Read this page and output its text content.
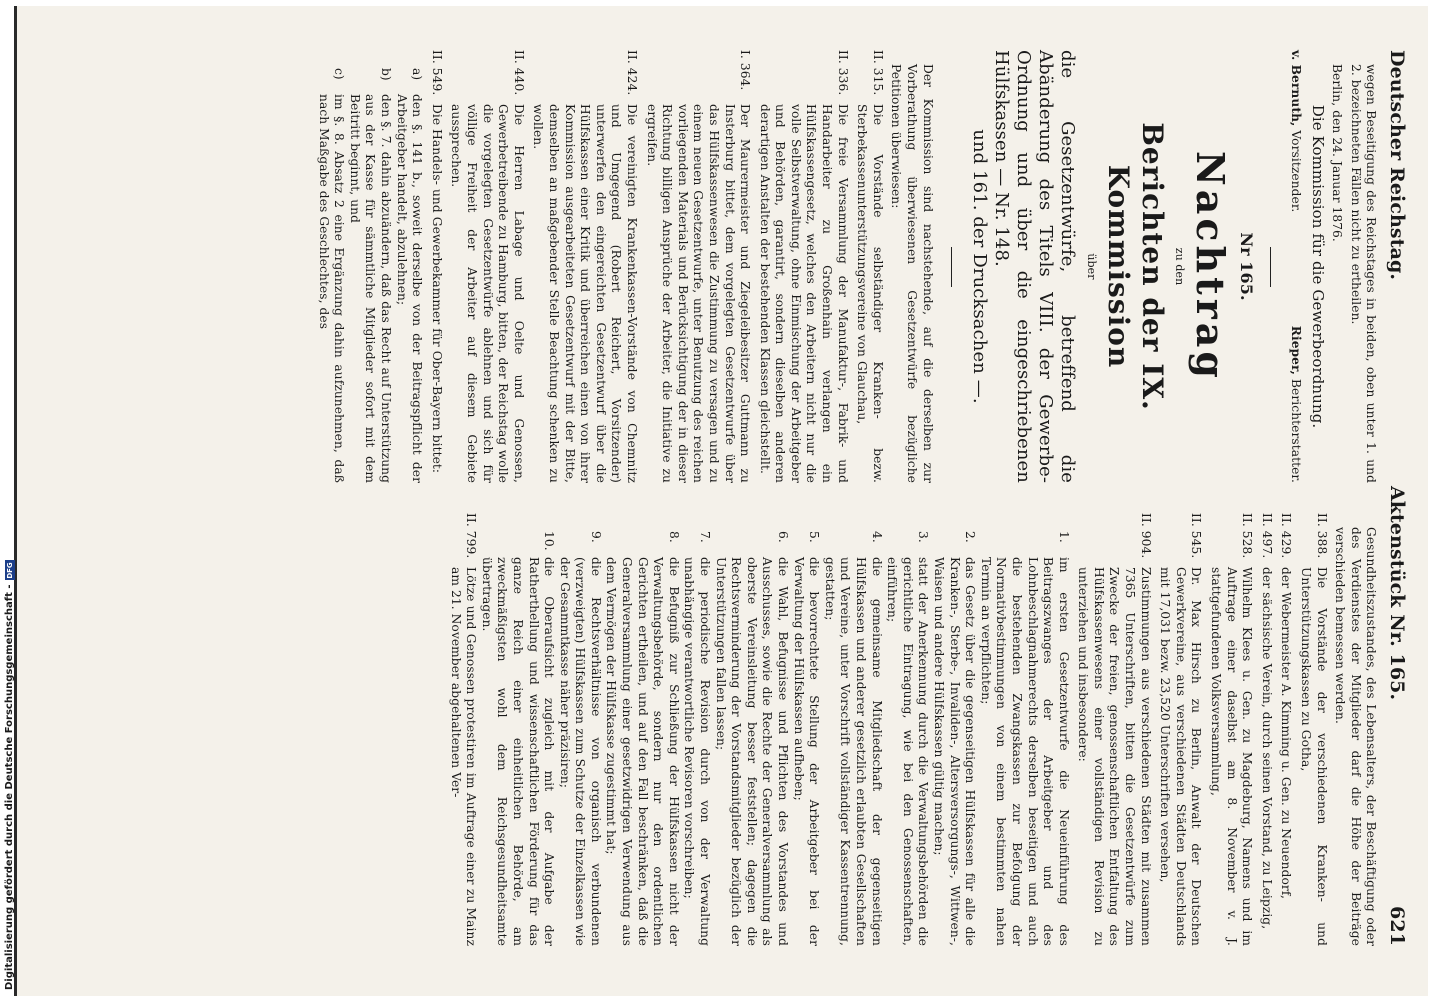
Deutscher Reichstag.
Aktenstück Nr. 165.
621

wegen Beseitigung des Reichstages in beiden, oben unter 1. und 2. bezeichneten Fällen nicht zu ertheilen.

Berlin, den 24. Januar 1876.

Die Kommission für die Gewerbeordnung.
v. Bernuth, Vorsitzender.
Rieper, Berichterstatter.
Nr 165.
Nachtrag
zu den
Berichten der IX. Kommission
über
die Gesetzentwürfe, betreffend die Abänderung des Titels VIII. der Gewerbe-Ordnung und über die eingeschriebenen Hülfskassen — Nr. 148.
und 161. der Drucksachen —.

Der Kommission sind nachstehende, auf die derselben zur Vorberathung überwiesenen Gesetzentwürfe bezügliche Petitionen überwiesen:

II. 315.
Die Vorstände selbständiger Kranken- bezw. Sterbekassenunterstützungsvereine von Glauchau,
II. 336.
Die freie Versammlung der Manufaktur-, Fabrik- und Handarbeiter zu Großenhain verlangen ein Hülfskassengesetz, welches den Arbeitern nicht nur die volle Selbstverwaltung, ohne Einmischung der Arbeitgeber und Behörden, garantirt, sondern dieselben anderen derartigen Anstalten der bestehenden Klassen gleichstellt.
I. 364.
Der Maurermeister und Ziegeleibesitzer Guttmann zu Insterburg bittet, dem vorgelegten Gesetzentwurfe über das Hülfskassenwesen die Zustimmung zu versagen und zu einem neuen Gesetzentwurfe, unter Benutzung des reichen vorliegenden Materials und Berücksichtigung der in dieser Richtung billigen Ansprüche der Arbeiter, die Initiative zu ergreifen.
II. 424.
Die vereinigten Krankenkassen-Vorstände von Chemnitz und Umgegend (Robert Reichert, Vorsitzender) unterwerfen den eingereichten Gesetzentwurf über die Hülfskassen einer Kritik und überreichen einen von ihrer Kommission ausgearbeiteten Gesetzentwurf mit der Bitte, demselben an maßgebender Stelle Beachtung schenken zu wollen.
II. 440.
Die Herren Labage und Oelte und Genossen, Gewerbetreibende zu Hamburg, bitten, der Reichstag wolle die vorgelegten Gesetzentwürfe ablehnen und sich für völlige Freiheit der Arbeiter auf diesem Gebiete aussprechen.
II. 549.
Die Handels- und Gewerbekammer für Ober-Bayern bittet:
a)
den §. 141 b., soweit derselbe von der Beitragspflicht der Arbeitgeber handelt, abzulehnen;
b)
den §. 7. dahin abzuändern, daß das Recht auf Unterstützung aus der Kasse für sämmtliche Mitglieder sofort mit dem Beitritt beginnt, und
c)
im §. 8. Absatz 2 eine Ergänzung dahin aufzunehmen, daß nach Maßgabe des Geschlechtes, des

Gesundheitszustandes, des Lebensalters, der Beschäftigung oder des Verdienstes der Mitglieder darf die Höhe der Beiträge verschieden bemessen werden.

II. 388.
Die Vorstände der verschiedenen Kranken- und Unterstützungskassen zu Gotha,
II. 429.
der Webermeister A. Kimming u. Gen. zu Neuendorf,
II. 497.
der sächsische Verein, durch seinen Vorstand, zu Leipzig,
II. 528.
Wilhelm Klees u. Gen. zu Magdeburg, Namens und im Auftrage einer daselbst am 8. November v. J. stattgefundenen Volksversammlung,
II. 545.
Dr. Max Hirsch zu Berlin, Anwalt der Deutschen Gewerkvereine, aus verschiedenen Städten Deutschlands mit 17,031 bezw. 23,520 Unterschriften versehen,
II. 904.
Zustimmungen aus verschiedenen Städten mit zusammen 7365 Unterschriften, bitten die Gesetzentwürfe zum Zwecke der freien, genossenschaftlichen Entfaltung des Hülfskassenwesens einer vollständigen Revision zu unterziehen und insbesondere:
1.
im ersten Gesetzentwurfe die Neueinführung des Beitragszwanges der Arbeitgeber und des Lohnbeschlagnahmerechts derselben beseitigen und auch die bestehenden Zwangskassen zur Befolgung der Normativbestimmungen von einem bestimmten nahen Termin an verpflichten;
2.
das Gesetz über die gegenseitigen Hülfskassen für alle die Kranken-, Sterbe-, Invaliden-, Altersversorgungs-, Wittwen-, Waisen und andere Hülfskassen gültig machen;
3.
statt der Anerkennung durch die Verwaltungsbehörden die gerichtliche Eintragung, wie bei den Genossenschaften, einführen;
4.
die gemeinsame Mitgliedschaft der gegenseitigen Hülfskassen und anderer gesetzlich erlaubten Gesellschaften und Vereine, unter Vorschrift vollständiger Kassentrennung, gestatten;
5.
die bevorrechtete Stellung der Arbeitgeber bei der Verwaltung der Hülfskassen aufheben;
6.
die Wahl, Befugnisse und Pflichten des Vorstandes und Ausschusses, sowie die Rechte der Generalversammlung als oberste Vereinsleitung besser feststellen; dagegen die Rechtsverminderung der Vorstandsmitglieder bezüglich der Unterstützungen fallen lassen;
7.
die periodische Revision durch von der Verwaltung unabhängige verantwortliche Revisoren vorschreiben;
8.
die Befugniß zur Schließung der Hülfskassen nicht der Verwaltungsbehörde, sondern nur den ordentlichen Gerichten ertheilen, und auf den Fall beschränken, daß die Generalversammlung einer gesetzwidrigen Verwendung aus dem Vermögen der Hülfskasse zugestimmt hat;
9.
die Rechtsverhältnisse von organisch verbundenen (verzweigten) Hülfskassen zum Schutze der Einzelkassen wie der Gesammtkasse näher präzisiren;
10.
die Oberaufsicht zugleich mit der Aufgabe der Ratherthellung und wissenschaftlichen Förderung für das ganze Reich einer einheitlichen Behörde, am zweckmäßigsten wohl dem Reichsgesundheitsamte übertragen.
II. 799.
Lötze und Genossen protestiren im Auftrage einer zu Mainz am 21. November abgehaltenen Ver-
Digitalisierung gefördert durch die Deutsche Forschungsgemeinschaft -
DFG
